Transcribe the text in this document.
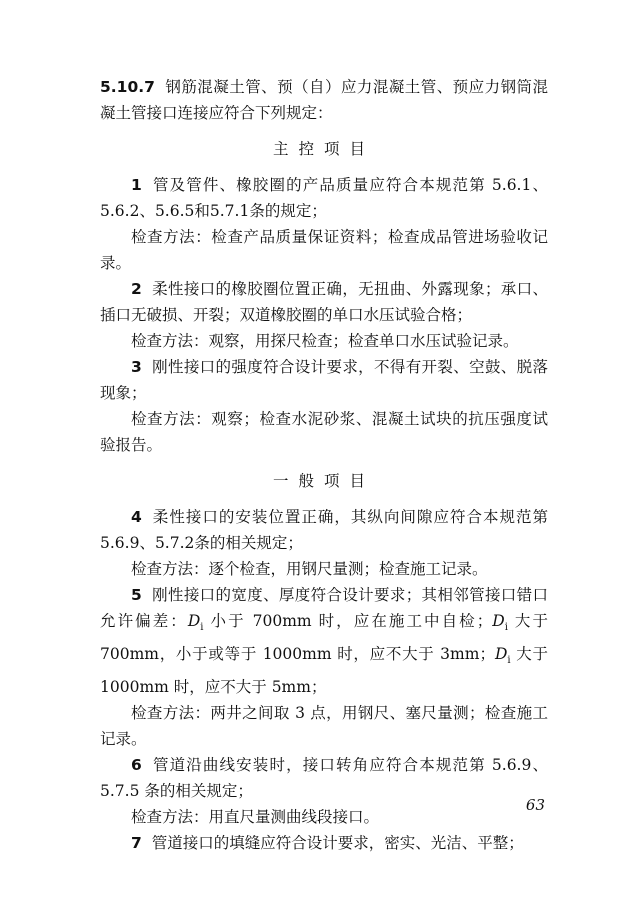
5.10.7 钢筋混凝土管、预（自）应力混凝土管、预应力钢筒混凝土管接口连接应符合下列规定：

主控项目

1 管及管件、橡胶圈的产品质量应符合本规范第 5.6.1、5.6.2、5.6.5和5.7.1条的规定；

检查方法：检查产品质量保证资料；检查成品管进场验收记录。

2 柔性接口的橡胶圈位置正确，无扭曲、外露现象；承口、插口无破损、开裂；双道橡胶圈的单口水压试验合格；

检查方法：观察，用探尺检查；检查单口水压试验记录。

3 刚性接口的强度符合设计要求，不得有开裂、空鼓、脱落现象；

检查方法：观察；检查水泥砂浆、混凝土试块的抗压强度试验报告。

一般项目

4 柔性接口的安装位置正确，其纵向间隙应符合本规范第5.6.9、5.7.2条的相关规定；

检查方法：逐个检查，用钢尺量测；检查施工记录。

5 刚性接口的宽度、厚度符合设计要求；其相邻管接口错口允许偏差：$D_i$ 小于 700mm 时，应在施工中自检；$D_i$ 大于700mm，小于或等于 1000mm 时，应不大于 3mm；$D_i$ 大于1000mm 时，应不大于 5mm；

检查方法：两井之间取 3 点，用钢尺、塞尺量测；检查施工记录。

6 管道沿曲线安装时，接口转角应符合本规范第 5.6.9、5.7.5 条的相关规定；

检查方法：用直尺量测曲线段接口。

7 管道接口的填缝应符合设计要求，密实、光洁、平整；

63
